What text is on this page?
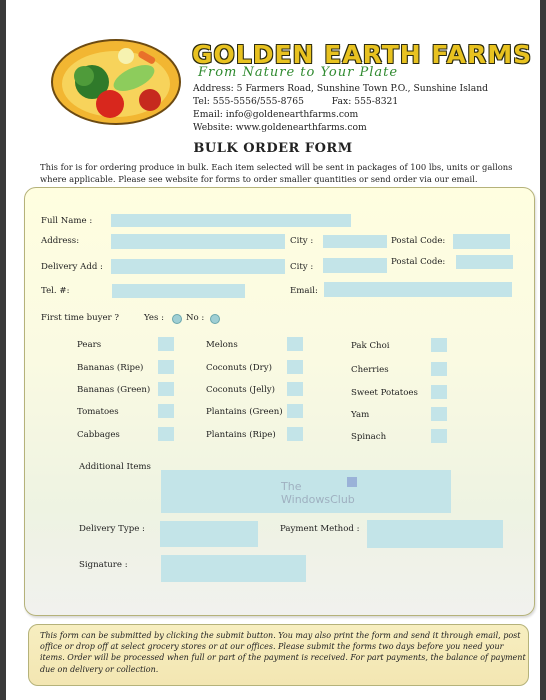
GOLDEN EARTH FARMS
From Nature to Your Plate
Address: 5 Farmers Road, Sunshine Town P.O., Sunshine Island
Tel: 555-5556/555-8765	Fax: 555-8321
Email: info@goldenearthfarms.com
Website: www.goldenearthfarms.com
BULK ORDER FORM
This for is for ordering produce in bulk. Each item selected will be sent in packages of 100 lbs, units or gallons where applicable. Please see website for forms to order smaller quantities or send order via our email.
Full Name :
Address:	City :	Postal Code:
Delivery Add :	City :	Postal Code:
Tel. #:	Email:
First time buyer ?	Yes :	No :
Pears
Bananas (Ripe)
Bananas (Green)
Tomatoes
Cabbages
Melons
Coconuts (Dry)
Coconuts (Jelly)
Plantains (Green)
Plantains (Ripe)
Pak Choi
Cherries
Sweet Potatoes
Yam
Spinach
Additional Items
The
WindowsClub
Delivery Type :	Payment Method :
Signature :
This form can be submitted by clicking the submit button. You may also print the form and send it through email, post office or drop off at select grocery stores or at our offices. Please submit the forms two days before you need your items. Order will be processed when full or part of the payment is received. For part payments, the balance of payment due on delivery or collection.
